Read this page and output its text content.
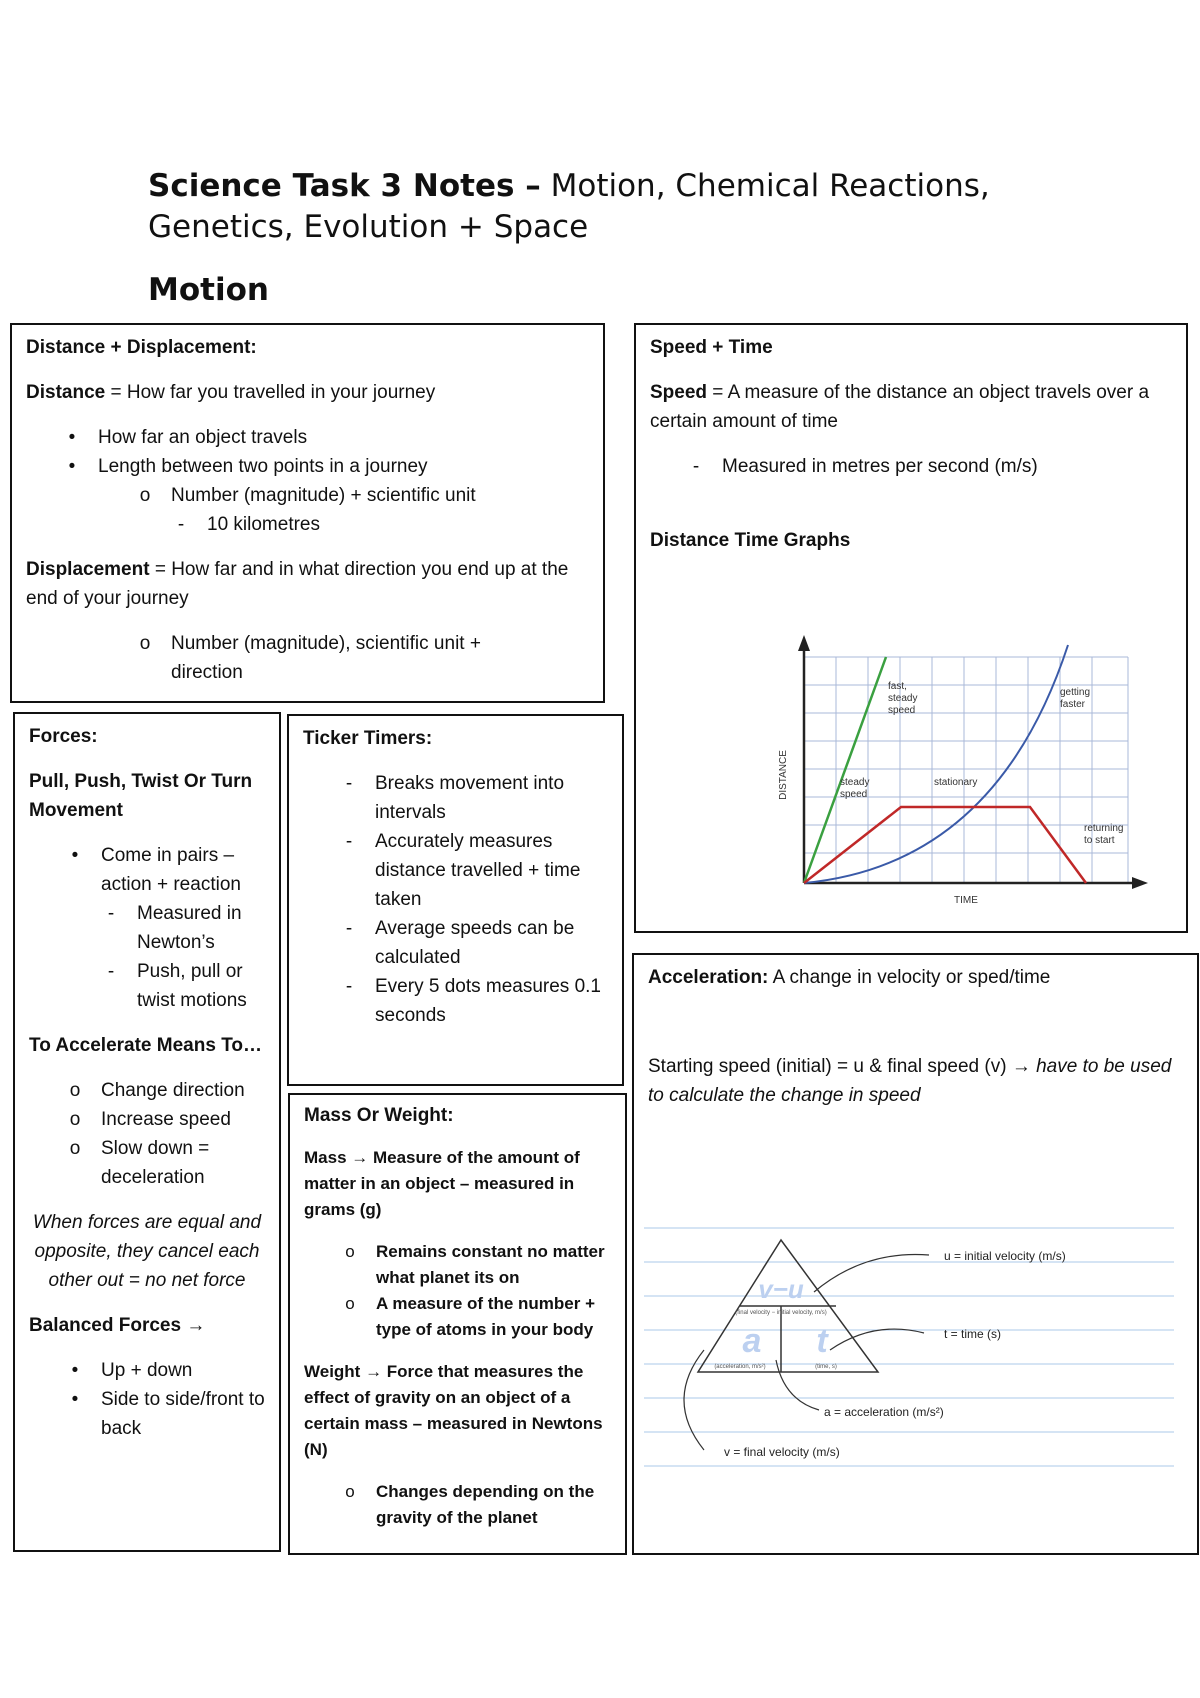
Science Task 3 Notes – Motion, Chemical Reactions, Genetics, Evolution + Space
Motion

Distance + Displacement:

Distance = How far you travelled in your journey

•	How far an object travels
•	Length between two points in a journey
o Number (magnitude) + scientific unit
-	10 kilometres

Displacement = How far and in what direction you end up at the end of your journey

o Number (magnitude), scientific unit + direction

Speed + Time

Speed = A measure of the distance an object travels over a certain amount of time

-	Measured in metres per second (m/s)

Distance Time Graphs

DISTANCE
TIME
fast,
steady
speed
getting
faster
steady
speed
stationary
returning
to start

Forces:

Pull, Push, Twist Or Turn Movement

•	Come in pairs – action + reaction
-	Measured in Newton’s
-	Push, pull or twist motions

To Accelerate Means To…

o Change direction
o Increase speed
o Slow down = deceleration

When forces are equal and opposite, they cancel each other out = no net force

Balanced Forces →

•	Up + down
•	Side to side/front to back

Ticker Timers:

-	Breaks movement into intervals
-	Accurately measures distance travelled + time taken
-	Average speeds can be calculated
-	Every 5 dots measures 0.1 seconds

Mass Or Weight:

Mass → Measure of the amount of matter in an object – measured in grams (g)

o	Remains constant no matter what planet its on
o	A measure of the number + type of atoms in your body

Weight → Force that measures the effect of gravity on an object of a certain mass – measured in Newtons (N)

o	Changes depending on the gravity of the planet

Acceleration: A change in velocity or sped/time

Starting speed (initial) = u & final speed (v) → have to be used to calculate the change in speed

v−u
(final velocity − initial velocity, m/s)
a t
(acceleration, m/s²)	(time, s)
u = initial velocity (m/s)
t = time (s)
a = acceleration (m/s²)
v = final velocity (m/s)
